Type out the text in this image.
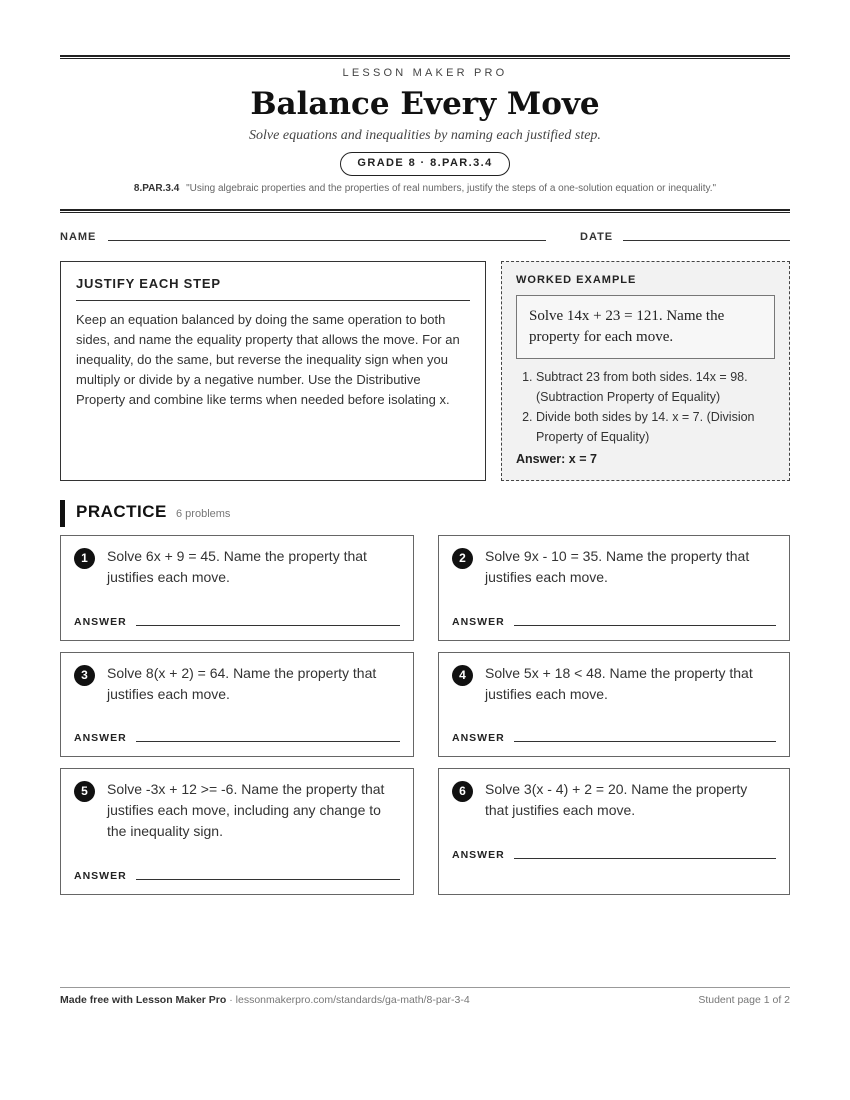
LESSON MAKER PRO
Balance Every Move
Solve equations and inequalities by naming each justified step.
GRADE 8 · 8.PAR.3.4
8.PAR.3.4 "Using algebraic properties and the properties of real numbers, justify the steps of a one-solution equation or inequality."
NAME	DATE
JUSTIFY EACH STEP

Keep an equation balanced by doing the same operation to both sides, and name the equality property that allows the move. For an inequality, do the same, but reverse the inequality sign when you multiply or divide by a negative number. Use the Distributive Property and combine like terms when needed before isolating x.

WORKED EXAMPLE
Solve 14x + 23 = 121. Name the property for each move.
1. Subtract 23 from both sides. 14x = 98. (Subtraction Property of Equality)
2. Divide both sides by 14. x = 7. (Division Property of Equality)
Answer: x = 7
PRACTICE 6 problems
1	Solve 6x + 9 = 45. Name the property that justifies each move.
ANSWER
2	Solve 9x - 10 = 35. Name the property that justifies each move.
ANSWER
3	Solve 8(x + 2) = 64. Name the property that justifies each move.
ANSWER
4	Solve 5x + 18 < 48. Name the property that justifies each move.
ANSWER
5	Solve -3x + 12 >= -6. Name the property that justifies each move, including any change to the inequality sign.
ANSWER
6	Solve 3(x - 4) + 2 = 20. Name the property that justifies each move.
ANSWER
Made free with Lesson Maker Pro · lessonmakerpro.com/standards/ga-math/8-par-3-4	Student page 1 of 2
